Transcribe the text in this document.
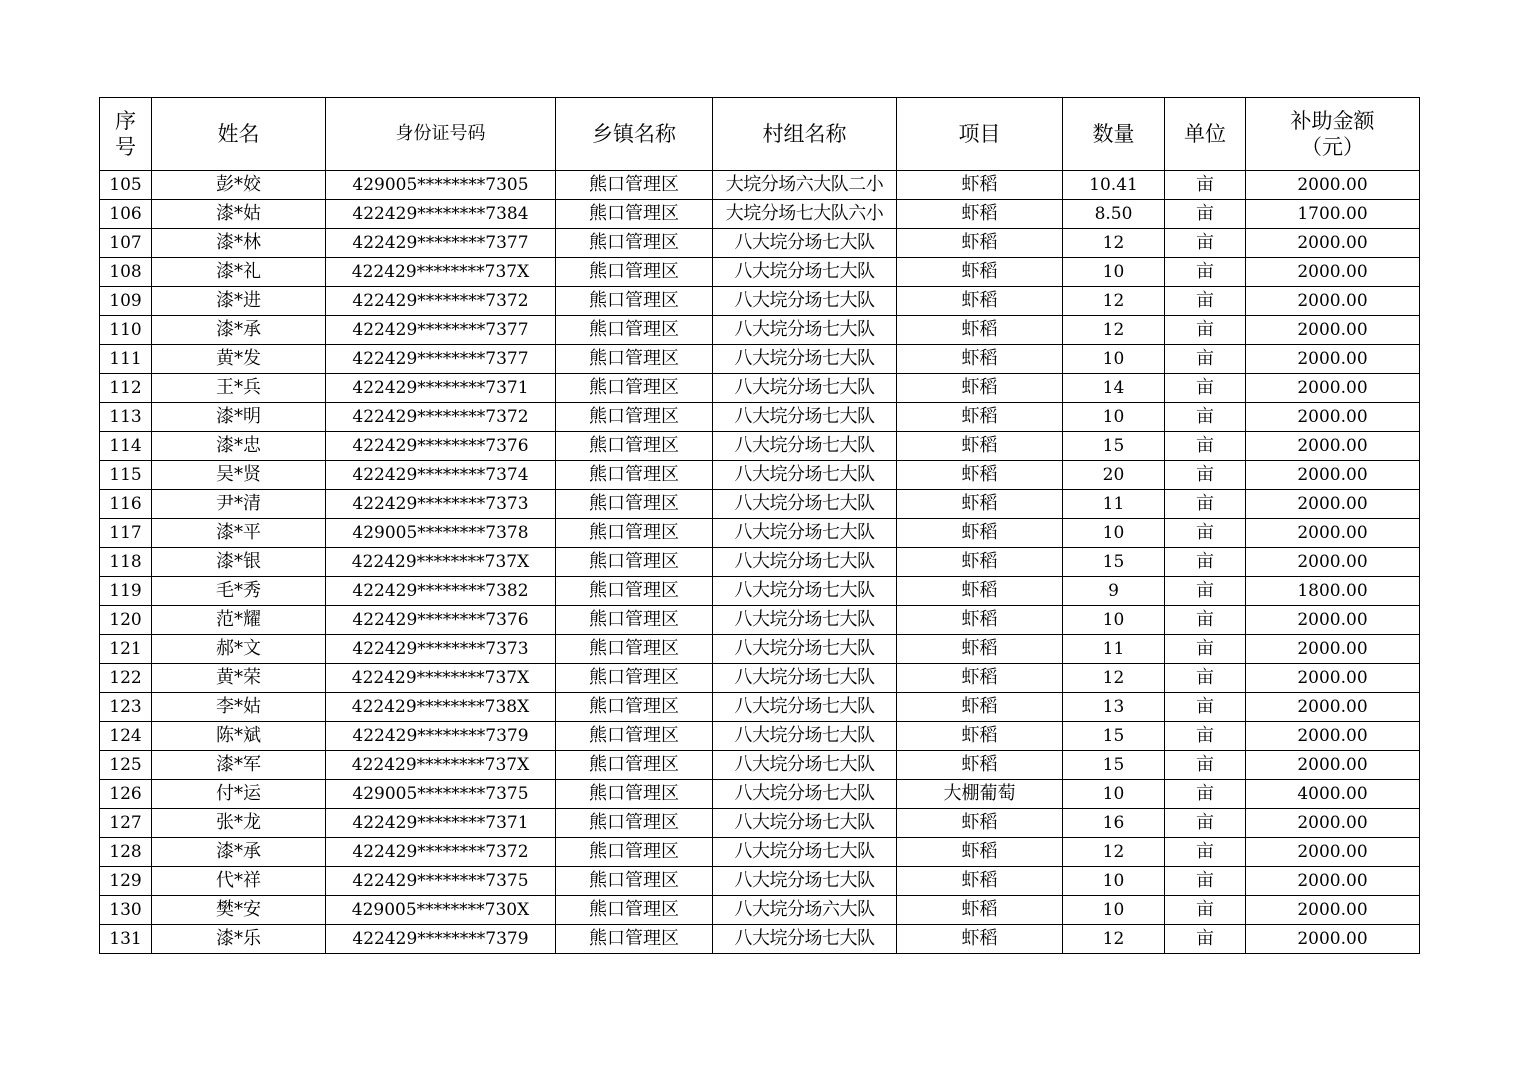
序
号	姓名	身份证号码	乡镇名称	村组名称	项目	数量	单位	补助金额
（元）

105	彭*姣	429005********7305	熊口管理区	大垸分场六大队二小	虾稻	10.41	亩	2000.00
106	漆*姑	422429********7384	熊口管理区	大垸分场七大队六小	虾稻	8.50	亩	1700.00
107	漆*林	422429********7377	熊口管理区	八大垸分场七大队	虾稻	12	亩	2000.00
108	漆*礼	422429********737X	熊口管理区	八大垸分场七大队	虾稻	10	亩	2000.00
109	漆*进	422429********7372	熊口管理区	八大垸分场七大队	虾稻	12	亩	2000.00
110	漆*承	422429********7377	熊口管理区	八大垸分场七大队	虾稻	12	亩	2000.00
111	黄*发	422429********7377	熊口管理区	八大垸分场七大队	虾稻	10	亩	2000.00
112	王*兵	422429********7371	熊口管理区	八大垸分场七大队	虾稻	14	亩	2000.00
113	漆*明	422429********7372	熊口管理区	八大垸分场七大队	虾稻	10	亩	2000.00
114	漆*忠	422429********7376	熊口管理区	八大垸分场七大队	虾稻	15	亩	2000.00
115	吴*贤	422429********7374	熊口管理区	八大垸分场七大队	虾稻	20	亩	2000.00
116	尹*清	422429********7373	熊口管理区	八大垸分场七大队	虾稻	11	亩	2000.00
117	漆*平	429005********7378	熊口管理区	八大垸分场七大队	虾稻	10	亩	2000.00
118	漆*银	422429********737X	熊口管理区	八大垸分场七大队	虾稻	15	亩	2000.00
119	毛*秀	422429********7382	熊口管理区	八大垸分场七大队	虾稻	9	亩	1800.00
120	范*耀	422429********7376	熊口管理区	八大垸分场七大队	虾稻	10	亩	2000.00
121	郝*文	422429********7373	熊口管理区	八大垸分场七大队	虾稻	11	亩	2000.00
122	黄*荣	422429********737X	熊口管理区	八大垸分场七大队	虾稻	12	亩	2000.00
123	李*姑	422429********738X	熊口管理区	八大垸分场七大队	虾稻	13	亩	2000.00
124	陈*斌	422429********7379	熊口管理区	八大垸分场七大队	虾稻	15	亩	2000.00
125	漆*军	422429********737X	熊口管理区	八大垸分场七大队	虾稻	15	亩	2000.00
126	付*运	429005********7375	熊口管理区	八大垸分场七大队	大棚葡萄	10	亩	4000.00
127	张*龙	422429********7371	熊口管理区	八大垸分场七大队	虾稻	16	亩	2000.00
128	漆*承	422429********7372	熊口管理区	八大垸分场七大队	虾稻	12	亩	2000.00
129	代*祥	422429********7375	熊口管理区	八大垸分场七大队	虾稻	10	亩	2000.00
130	樊*安	429005********730X	熊口管理区	八大垸分场六大队	虾稻	10	亩	2000.00
131	漆*乐	422429********7379	熊口管理区	八大垸分场七大队	虾稻	12	亩	2000.00
